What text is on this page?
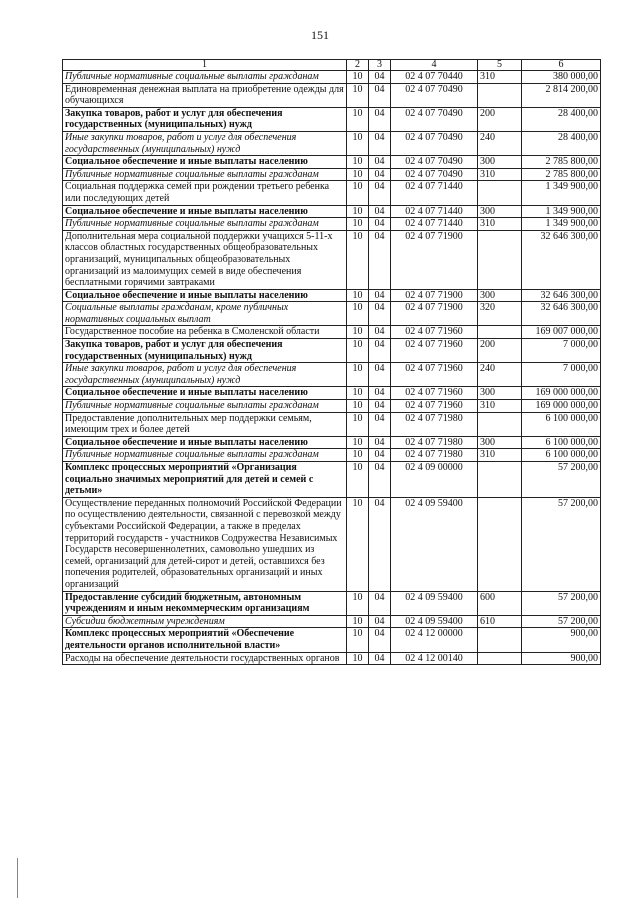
151
1	2	3	4	5	6
Публичные нормативные социальные выплаты гражданам	10	04	02 4 07 70440	310	380 000,00
Единовременная денежная выплата на приобретение одежды для обучающихся	10	04	02 4 07 70490		2 814 200,00
Закупка товаров, работ и услуг для обеспечения государственных (муниципальных) нужд	10	04	02 4 07 70490	200	28 400,00
Иные закупки товаров, работ и услуг для обеспечения государственных (муниципальных) нужд	10	04	02 4 07 70490	240	28 400,00
Социальное обеспечение и иные выплаты населению	10	04	02 4 07 70490	300	2 785 800,00
Публичные нормативные социальные выплаты гражданам	10	04	02 4 07 70490	310	2 785 800,00
Социальная поддержка семей при рождении третьего ребенка или последующих детей	10	04	02 4 07 71440		1 349 900,00
Социальное обеспечение и иные выплаты населению	10	04	02 4 07 71440	300	1 349 900,00
Публичные нормативные социальные выплаты гражданам	10	04	02 4 07 71440	310	1 349 900,00
Дополнительная мера социальной поддержки учащихся 5-11-х классов областных государственных общеобразовательных организаций, муниципальных общеобразовательных организаций из малоимущих семей в виде обеспечения бесплатными горячими завтраками	10	04	02 4 07 71900		32 646 300,00
Социальное обеспечение и иные выплаты населению	10	04	02 4 07 71900	300	32 646 300,00
Социальные выплаты гражданам, кроме публичных нормативных социальных выплат	10	04	02 4 07 71900	320	32 646 300,00
Государственное пособие на ребенка в Смоленской области	10	04	02 4 07 71960		169 007 000,00
Закупка товаров, работ и услуг для обеспечения государственных (муниципальных) нужд	10	04	02 4 07 71960	200	7 000,00
Иные закупки товаров, работ и услуг для обеспечения государственных (муниципальных) нужд	10	04	02 4 07 71960	240	7 000,00
Социальное обеспечение и иные выплаты населению	10	04	02 4 07 71960	300	169 000 000,00
Публичные нормативные социальные выплаты гражданам	10	04	02 4 07 71960	310	169 000 000,00
Предоставление дополнительных мер поддержки семьям, имеющим трех и более детей	10	04	02 4 07 71980		6 100 000,00
Социальное обеспечение и иные выплаты населению	10	04	02 4 07 71980	300	6 100 000,00
Публичные нормативные социальные выплаты гражданам	10	04	02 4 07 71980	310	6 100 000,00
Комплекс процессных мероприятий «Организация социально значимых мероприятий для детей и семей с детьми»	10	04	02 4 09 00000		57 200,00
Осуществление переданных полномочий Российской Федерации по осуществлению деятельности, связанной с перевозкой между субъектами Российской Федерации, а также в пределах территорий государств - участников Содружества Независимых Государств несовершеннолетних, самовольно ушедших из семей, организаций для детей-сирот и детей, оставшихся без попечения родителей, образовательных организаций и иных организаций	10	04	02 4 09 59400		57 200,00
Предоставление субсидий бюджетным, автономным учреждениям и иным некоммерческим организациям	10	04	02 4 09 59400	600	57 200,00
Субсидии бюджетным учреждениям	10	04	02 4 09 59400	610	57 200,00
Комплекс процессных мероприятий «Обеспечение деятельности органов исполнительной власти»	10	04	02 4 12 00000		900,00
Расходы на обеспечение деятельности государственных органов	10	04	02 4 12 00140		900,00
